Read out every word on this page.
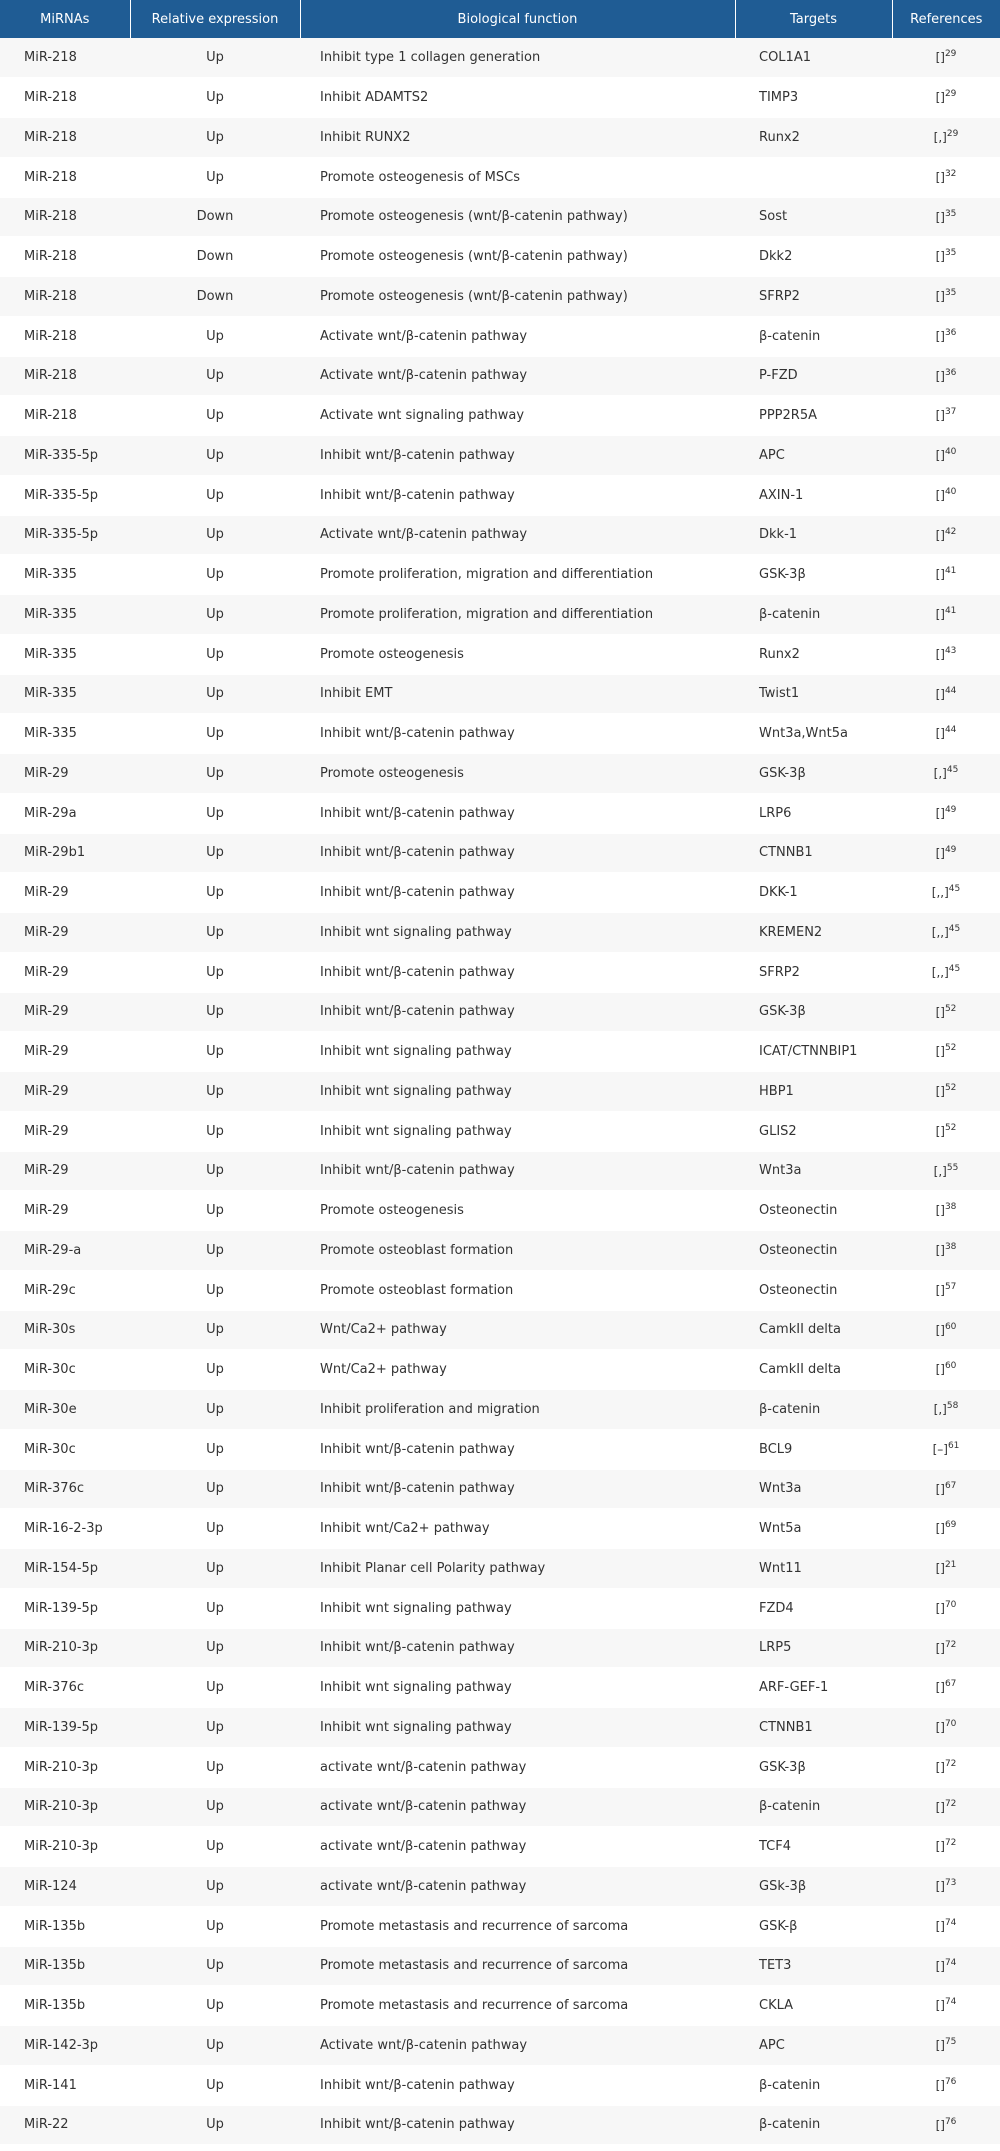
MiRNAs	Relative expression	Biological function	Targets	References
MiR-218	Up	Inhibit type 1 collagen generation	COL1A1	[]$^{29}$
MiR-218	Up	Inhibit ADAMTS2	TIMP3	[]$^{29}$
MiR-218	Up	Inhibit RUNX2	Runx2	[,]$^{29}$
MiR-218	Up	Promote osteogenesis of MSCs		[]$^{32}$
MiR-218	Down	Promote osteogenesis (wnt/β-catenin pathway)	Sost	[]$^{35}$
MiR-218	Down	Promote osteogenesis (wnt/β-catenin pathway)	Dkk2	[]$^{35}$
MiR-218	Down	Promote osteogenesis (wnt/β-catenin pathway)	SFRP2	[]$^{35}$
MiR-218	Up	Activate wnt/β-catenin pathway	β-catenin	[]$^{36}$
MiR-218	Up	Activate wnt/β-catenin pathway	P-FZD	[]$^{36}$
MiR-218	Up	Activate wnt signaling pathway	PPP2R5A	[]$^{37}$
MiR-335-5p	Up	Inhibit wnt/β-catenin pathway	APC	[]$^{40}$
MiR-335-5p	Up	Inhibit wnt/β-catenin pathway	AXIN-1	[]$^{40}$
MiR-335-5p	Up	Activate wnt/β-catenin pathway	Dkk-1	[]$^{42}$
MiR-335	Up	Promote proliferation, migration and differentiation	GSK-3β	[]$^{41}$
MiR-335	Up	Promote proliferation, migration and differentiation	β-catenin	[]$^{41}$
MiR-335	Up	Promote osteogenesis	Runx2	[]$^{43}$
MiR-335	Up	Inhibit EMT	Twist1	[]$^{44}$
MiR-335	Up	Inhibit wnt/β-catenin pathway	Wnt3a,Wnt5a	[]$^{44}$
MiR-29	Up	Promote osteogenesis	GSK-3β	[,]$^{45}$
MiR-29a	Up	Inhibit wnt/β-catenin pathway	LRP6	[]$^{49}$
MiR-29b1	Up	Inhibit wnt/β-catenin pathway	CTNNB1	[]$^{49}$
MiR-29	Up	Inhibit wnt/β-catenin pathway	DKK-1	[,,]$^{45}$
MiR-29	Up	Inhibit wnt signaling pathway	KREMEN2	[,,]$^{45}$
MiR-29	Up	Inhibit wnt/β-catenin pathway	SFRP2	[,,]$^{45}$
MiR-29	Up	Inhibit wnt/β-catenin pathway	GSK-3β	[]$^{52}$
MiR-29	Up	Inhibit wnt signaling pathway	ICAT/CTNNBIP1	[]$^{52}$
MiR-29	Up	Inhibit wnt signaling pathway	HBP1	[]$^{52}$
MiR-29	Up	Inhibit wnt signaling pathway	GLIS2	[]$^{52}$
MiR-29	Up	Inhibit wnt/β-catenin pathway	Wnt3a	[,]$^{55}$
MiR-29	Up	Promote osteogenesis	Osteonectin	[]$^{38}$
MiR-29-a	Up	Promote osteoblast formation	Osteonectin	[]$^{38}$
MiR-29c	Up	Promote osteoblast formation	Osteonectin	[]$^{57}$
MiR-30s	Up	Wnt/Ca2+ pathway	CamkII delta	[]$^{60}$
MiR-30c	Up	Wnt/Ca2+ pathway	CamkII delta	[]$^{60}$
MiR-30e	Up	Inhibit proliferation and migration	β-catenin	[,]$^{58}$
MiR-30c	Up	Inhibit wnt/β-catenin pathway	BCL9	[–]$^{61}$
MiR-376c	Up	Inhibit wnt/β-catenin pathway	Wnt3a	[]$^{67}$
MiR-16-2-3p	Up	Inhibit wnt/Ca2+ pathway	Wnt5a	[]$^{69}$
MiR-154-5p	Up	Inhibit Planar cell Polarity pathway	Wnt11	[]$^{21}$
MiR-139-5p	Up	Inhibit wnt signaling pathway	FZD4	[]$^{70}$
MiR-210-3p	Up	Inhibit wnt/β-catenin pathway	LRP5	[]$^{72}$
MiR-376c	Up	Inhibit wnt signaling pathway	ARF-GEF-1	[]$^{67}$
MiR-139-5p	Up	Inhibit wnt signaling pathway	CTNNB1	[]$^{70}$
MiR-210-3p	Up	activate wnt/β-catenin pathway	GSK-3β	[]$^{72}$
MiR-210-3p	Up	activate wnt/β-catenin pathway	β-catenin	[]$^{72}$
MiR-210-3p	Up	activate wnt/β-catenin pathway	TCF4	[]$^{72}$
MiR-124	Up	activate wnt/β-catenin pathway	GSk-3β	[]$^{73}$
MiR-135b	Up	Promote metastasis and recurrence of sarcoma	GSK-β	[]$^{74}$
MiR-135b	Up	Promote metastasis and recurrence of sarcoma	TET3	[]$^{74}$
MiR-135b	Up	Promote metastasis and recurrence of sarcoma	CKLA	[]$^{74}$
MiR-142-3p	Up	Activate wnt/β-catenin pathway	APC	[]$^{75}$
MiR-141	Up	Inhibit wnt/β-catenin pathway	β-catenin	[]$^{76}$
MiR-22	Up	Inhibit wnt/β-catenin pathway	β-catenin	[]$^{76}$
